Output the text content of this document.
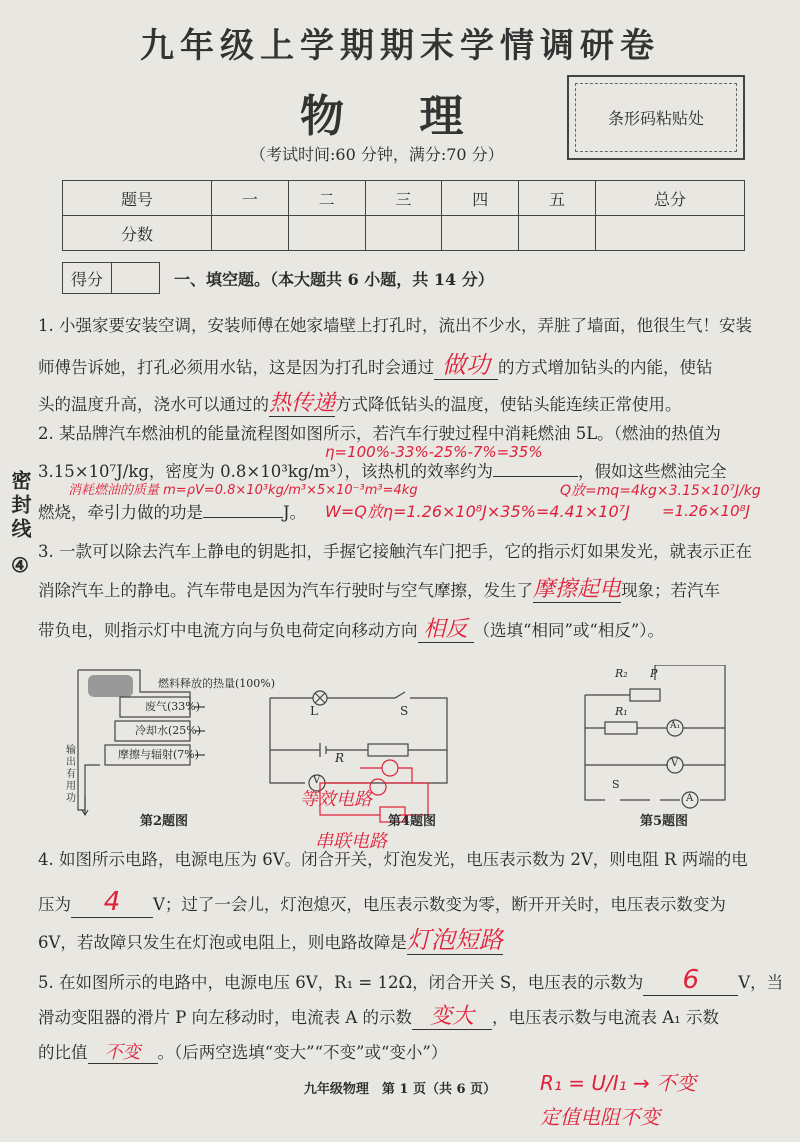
九年级上学期期末学情调研卷
物 理
（考试时间:60 分钟，满分:70 分）
条形码粘贴处
题号	一	二	三	四	五	总分
分数						
得分	一、填空题。（本大题共 6 小题，共 14 分）
密封线 ④
1. 小强家要安装空调，安装师傅在她家墙壁上打孔时，流出不少水，弄脏了墙面，他很生气！安装
师傅告诉她，打孔必须用水钻，这是因为打孔时会通过 做功 的方式增加钻头的内能，使钻
头的温度升高，浇水可以通过的热传递方式降低钻头的温度，使钻头能连续正常使用。
2. 某品牌汽车燃油机的能量流程图如图所示，若汽车行驶过程中消耗燃油 5L。（燃油的热值为
η=100%-33%-25%-7%=35%
3.15×10⁷J/kg，密度为 0.8×10³kg/m³），该热机的效率约为	，假如这些燃油完全
消耗燃油的质量 m=ρV=0.8×10³kg/m³×5×10⁻³m³=4kg	Q放=mq=4kg×3.15×10⁷J/kg
燃烧，牵引力做的功是	J。 W=Q放η=1.26×10⁸J×35%=4.41×10⁷J =1.26×10⁸J
3. 一款可以除去汽车上静电的钥匙扣，手握它接触汽车门把手，它的指示灯如果发光，就表示正在
消除汽车上的静电。汽车带电是因为汽车行驶时与空气摩擦，发生了摩擦起电现象；若汽车
带负电，则指示灯中电流方向与负电荷定向移动方向 相反 （选填“相同”或“相反”）。
燃料释放的热量(100%)
废气(33%)
冷却水(25%)
摩擦与辐射(7%)
输出有用功
第2题图
L	S
R
V
第4题图
等效电路
串联电路
R₂ P
R₁
A₁
V
S
A
第5题图
4. 如图所示电路，电源电压为 6V。闭合开关，灯泡发光，电压表示数为 2V，则电阻 R 两端的电
压为 4 V；过了一会儿，灯泡熄灭，电压表示数变为零，断开开关时，电压表示数变为
6V，若故障只发生在灯泡或电阻上，则电路故障是灯泡短路
5. 在如图所示的电路中，电源电压 6V，R₁ = 12Ω，闭合开关 S，电压表的示数为 6 V，当
滑动变阻器的滑片 P 向左移动时，电流表 A 的示数 变大 ，电压表示数与电流表 A₁ 示数
的比值 不变 。（后两空选填“变大”“不变”或“变小”）
R₁ = U/I₁ → 不变
定值电阻不变
九年级物理　第 1 页（共 6 页）
